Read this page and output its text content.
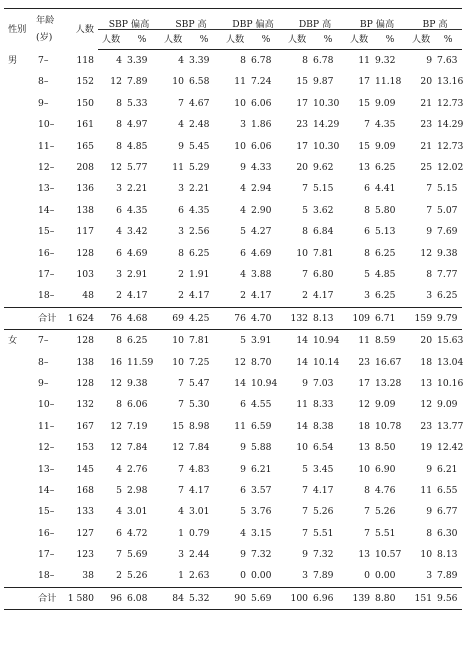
性别	年龄
(岁)	人数	SBP 偏高		SBP 高		DBP 偏高		DBP 高		BP 偏高		BP 高	
			人数	%	人数	%	人数	%	人数	%	人数	%	人数	%
男	7–	118	4	3.39	4	3.39	8	6.78	8	6.78	11	9.32	9	7.63
	8–	152	12	7.89	10	6.58	11	7.24	15	9.87	17	11.18	20	13.16
	9–	150	8	5.33	7	4.67	10	6.06	17	10.30	15	9.09	21	12.73
	10–	161	8	4.97	4	2.48	3	1.86	23	14.29	7	4.35	23	14.29
	11–	165	8	4.85	9	5.45	10	6.06	17	10.30	15	9.09	21	12.73
	12–	208	12	5.77	11	5.29	9	4.33	20	9.62	13	6.25	25	12.02
	13–	136	3	2.21	3	2.21	4	2.94	7	5.15	6	4.41	7	5.15
	14–	138	6	4.35	6	4.35	4	2.90	5	3.62	8	5.80	7	5.07
	15–	117	4	3.42	3	2.56	5	4.27	8	6.84	6	5.13	9	7.69
	16–	128	6	4.69	8	6.25	6	4.69	10	7.81	8	6.25	12	9.38
	17–	103	3	2.91	2	1.91	4	3.88	7	6.80	5	4.85	8	7.77
	18–	48	2	4.17	2	4.17	2	4.17	2	4.17	3	6.25	3	6.25
	合计	1 624	76	4.68	69	4.25	76	4.70	132	8.13	109	6.71	159	9.79
女	7–	128	8	6.25	10	7.81	5	3.91	14	10.94	11	8.59	20	15.63
	8–	138	16	11.59	10	7.25	12	8.70	14	10.14	23	16.67	18	13.04
	9–	128	12	9.38	7	5.47	14	10.94	9	7.03	17	13.28	13	10.16
	10–	132	8	6.06	7	5.30	6	4.55	11	8.33	12	9.09	12	9.09
	11–	167	12	7.19	15	8.98	11	6.59	14	8.38	18	10.78	23	13.77
	12–	153	12	7.84	12	7.84	9	5.88	10	6.54	13	8.50	19	12.42
	13–	145	4	2.76	7	4.83	9	6.21	5	3.45	10	6.90	9	6.21
	14–	168	5	2.98	7	4.17	6	3.57	7	4.17	8	4.76	11	6.55
	15–	133	4	3.01	4	3.01	5	3.76	7	5.26	7	5.26	9	6.77
	16–	127	6	4.72	1	0.79	4	3.15	7	5.51	7	5.51	8	6.30
	17–	123	7	5.69	3	2.44	9	7.32	9	7.32	13	10.57	10	8.13
	18–	38	2	5.26	1	2.63	0	0.00	3	7.89	0	0.00	3	7.89
	合计	1 580	96	6.08	84	5.32	90	5.69	100	6.96	139	8.80	151	9.56
